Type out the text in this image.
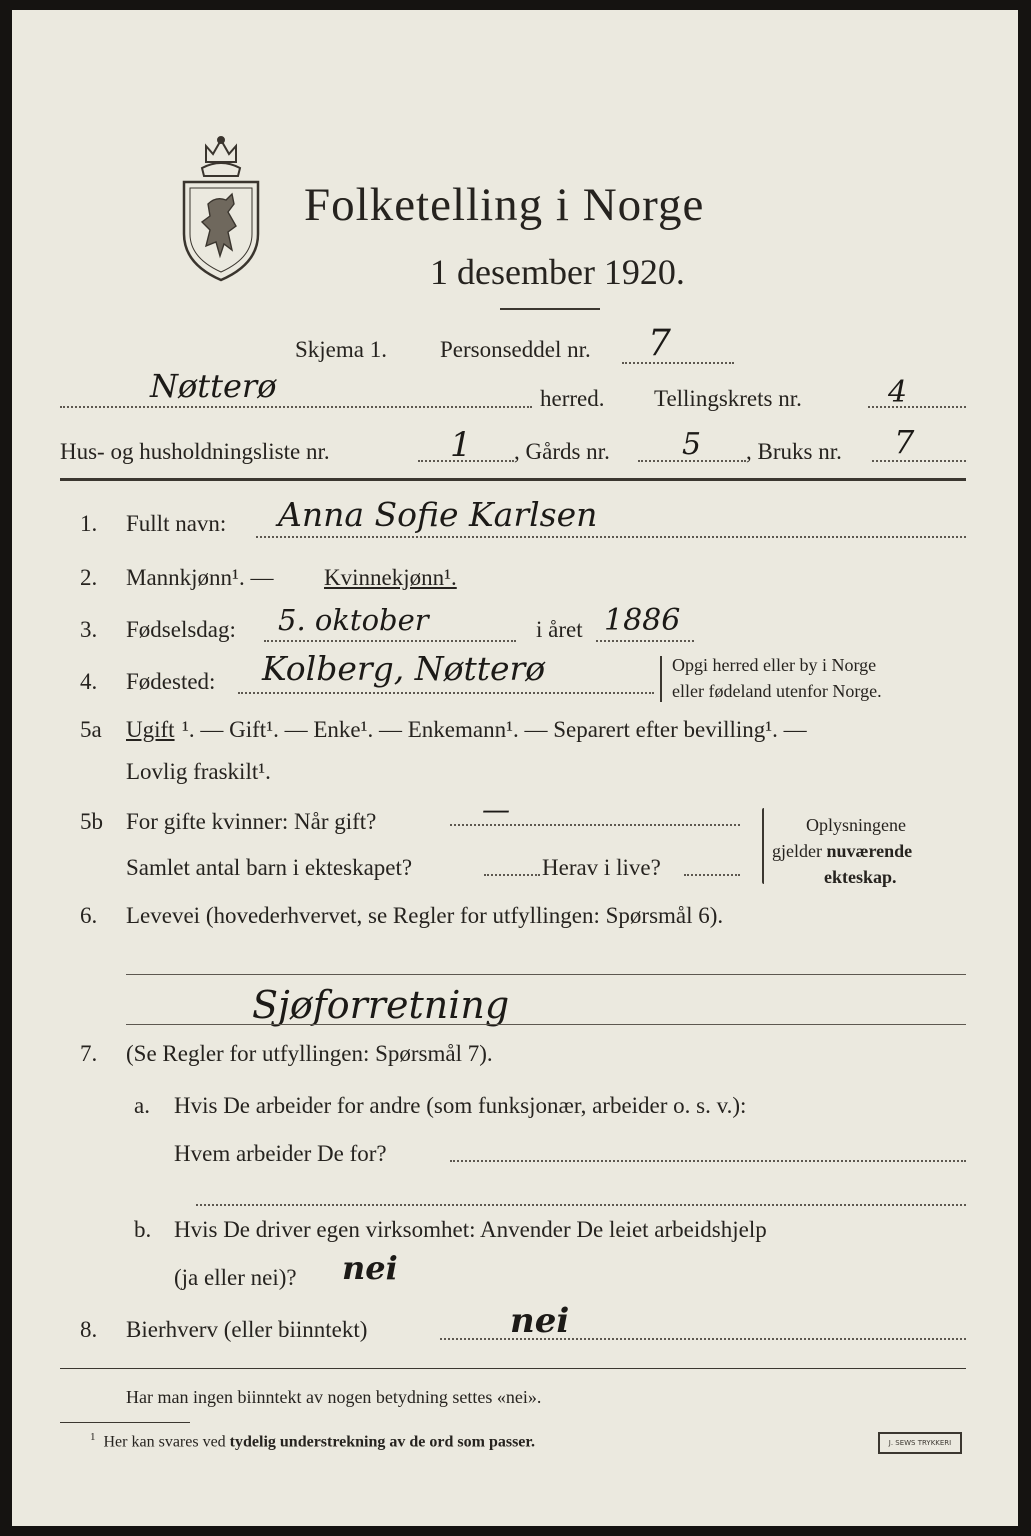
Folketelling i Norge
1 desember 1920.
Skjema 1. Personseddel nr. 7
Nøtterø	herred. Tellingskrets nr.	4
Hus- og husholdningsliste nr.	1 , Gårds nr. 5 , Bruks nr. 7
1. Fullt navn: Anna Sofie Karlsen
2. Mannkjønn¹. — Kvinnekjønn¹.
3. Fødselsdag: 5. oktober	i året 1886
4. Fødested: Kolberg, Nøtterø	Opgi herred eller by i Norge
eller fødeland utenfor Norge.
5a Ugift ¹. — Gift¹. — Enke¹. — Enkemann¹. — Separert efter bevilling¹. —
Lovlig fraskilt¹.
5b For gifte kvinner: Når gift?	—
Samlet antal barn i ekteskapet?	Herav i live?
Oplysningene
gjelder nuværende
ekteskap.
6. Levevei (hovederhvervet, se Regler for utfyllingen: Spørsmål 6).
Sjøforretning
7. (Se Regler for utfyllingen: Spørsmål 7).
a. Hvis De arbeider for andre (som funksjonær, arbeider o. s. v.):
Hvem arbeider De for?
b. Hvis De driver egen virksomhet: Anvender De leiet arbeidshjelp
(ja eller nei)? nei
8. Bierhverv (eller biinntekt)	nei
Har man ingen biinntekt av nogen betydning settes «nei».
$^1$ Her kan svares ved tydelig understrekning av de ord som passer.	J. SEWS TRYKKERI
